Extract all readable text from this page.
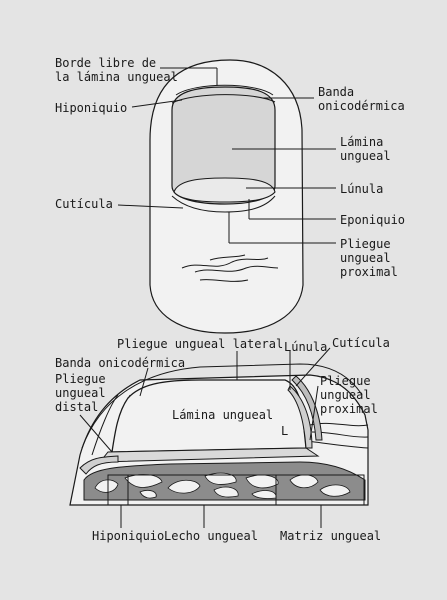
Borde libre de
la lámina ungueal
Banda
onicodérmica
Hiponiquio
Lámina
ungueal
Lúnula
Cutícula
Eponiquio
Pliegue
ungueal
proximal
Pliegue ungueal lateral Lúnula Cutícula
Banda onicodérmica
Pliegue
ungueal
distal
Pliegue
ungueal
proximal
Lámina ungueal
L
Hiponiquio Lecho ungueal Matriz ungueal
